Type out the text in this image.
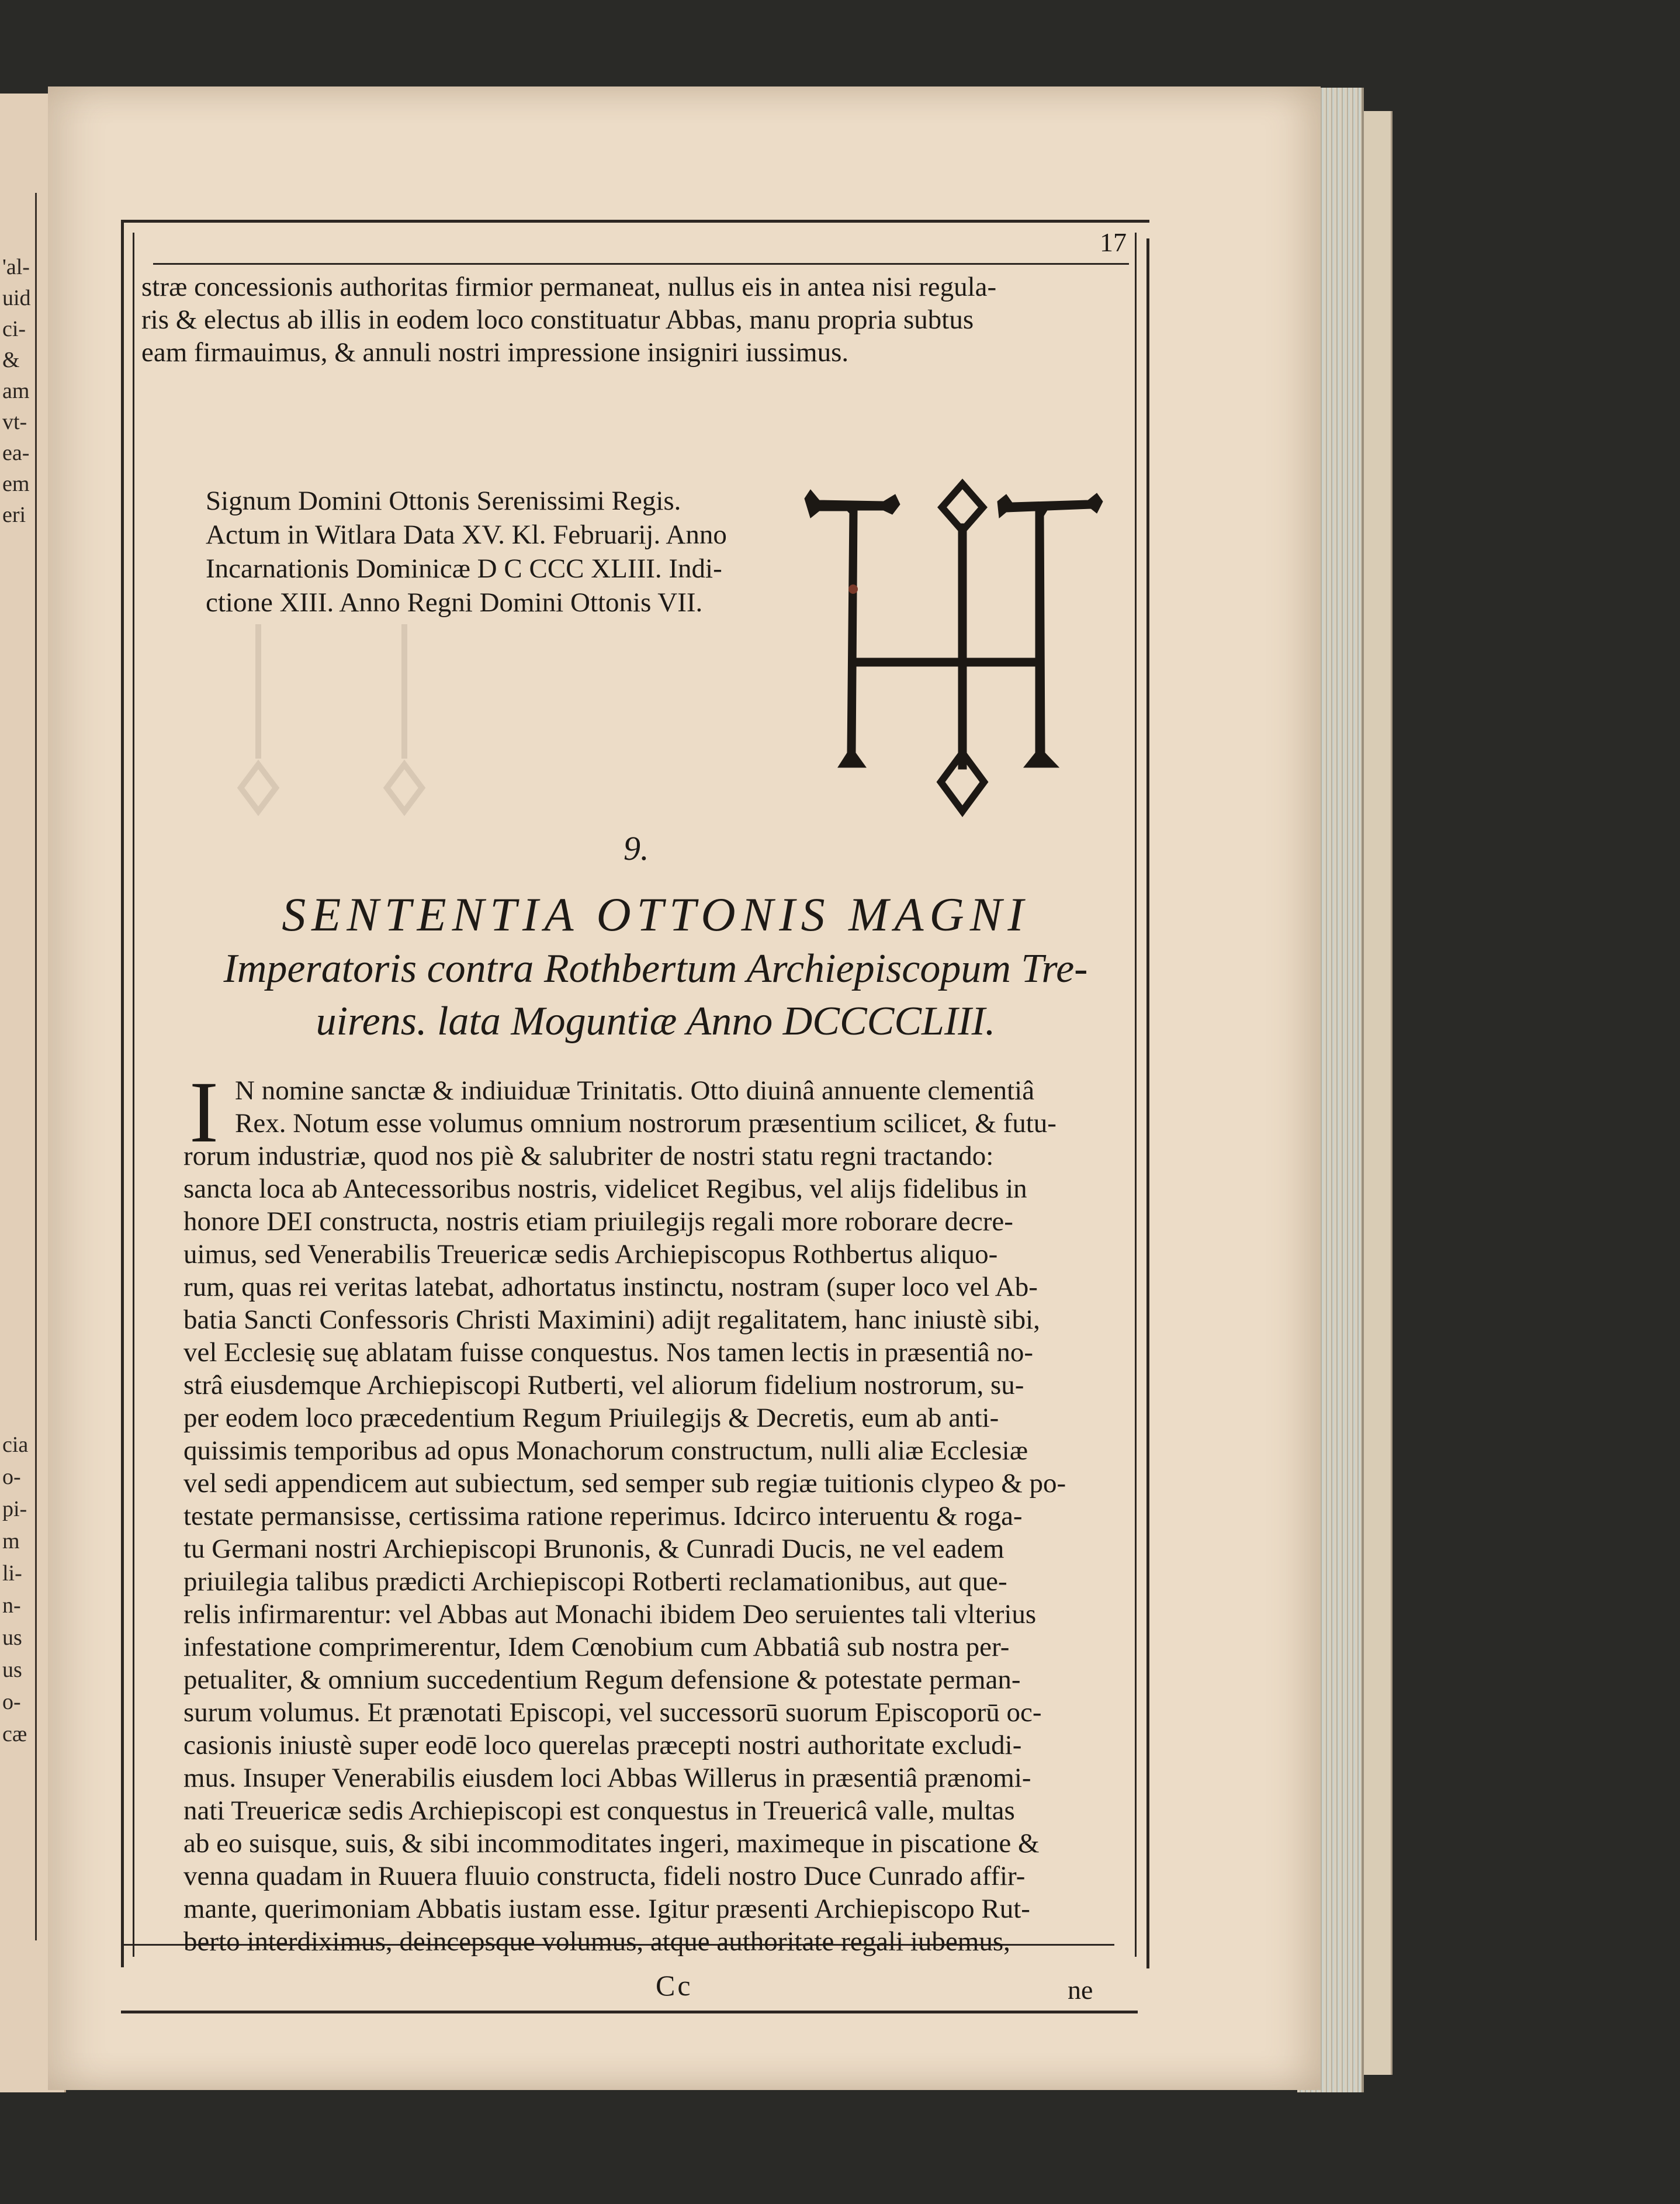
'al-
uid
ci-
&
am
vt-
ea-
em
eri
cia
o-
pi-
m
li-
n-
us
us
o-
cæ
17
stræ concessionis authoritas firmior permaneat, nullus eis in antea nisi regula-
ris & electus ab illis in eodem loco constituatur Abbas, manu propria subtus
eam firmauimus, & annuli nostri impressione insigniri iussimus.
Signum Domini Ottonis Serenissimi Regis.
Actum in Witlara Data XV. Kl. Februarij. Anno
Incarnationis Dominicæ D C CCC XLIII. Indi-
ctione XIII. Anno Regni Domini Ottonis VII.
9.
SENTENTIA OTTONIS MAGNI
Imperatoris contra Rothbertum Archiepiscopum Tre-
uirens. lata Moguntiæ Anno DCCCCLIII.
I N nomine sanctæ & indiuiduæ Trinitatis. Otto diuinâ annuente clementiâ
Rex. Notum esse volumus omnium nostrorum præsentium scilicet, & futu-
rorum industriæ, quod nos piè & salubriter de nostri statu regni tractando:
sancta loca ab Antecessoribus nostris, videlicet Regibus, vel alijs fidelibus in
honore DEI constructa, nostris etiam priuilegijs regali more roborare decre-
uimus, sed Venerabilis Treuericæ sedis Archiepiscopus Rothbertus aliquo-
rum, quas rei veritas latebat, adhortatus instinctu, nostram (super loco vel Ab-
batia Sancti Confessoris Christi Maximini) adijt regalitatem, hanc iniustè sibi,
vel Ecclesię suę ablatam fuisse conquestus. Nos tamen lectis in præsentiâ no-
strâ eiusdemque Archiepiscopi Rutberti, vel aliorum fidelium nostrorum, su-
per eodem loco præcedentium Regum Priuilegijs & Decretis, eum ab anti-
quissimis temporibus ad opus Monachorum constructum, nulli aliæ Ecclesiæ
vel sedi appendicem aut subiectum, sed semper sub regiæ tuitionis clypeo & po-
testate permansisse, certissima ratione reperimus. Idcirco interuentu & roga-
tu Germani nostri Archiepiscopi Brunonis, & Cunradi Ducis, ne vel eadem
priuilegia talibus prædicti Archiepiscopi Rotberti reclamationibus, aut que-
relis infirmarentur: vel Abbas aut Monachi ibidem Deo seruientes tali vlterius
infestatione comprimerentur, Idem Cœnobium cum Abbatiâ sub nostra per-
petualiter, & omnium succedentium Regum defensione & potestate perman-
surum volumus. Et prænotati Episcopi, vel successorū suorum Episcoporū oc-
casionis iniustè super eodē loco querelas præcepti nostri authoritate excludi-
mus. Insuper Venerabilis eiusdem loci Abbas Willerus in præsentiâ prænomi-
nati Treuericæ sedis Archiepiscopi est conquestus in Treuericâ valle, multas
ab eo suisque, suis, & sibi incommoditates ingeri, maximeque in piscatione &
venna quadam in Ruuera fluuio constructa, fideli nostro Duce Cunrado affir-
mante, querimoniam Abbatis iustam esse. Igitur præsenti Archiepiscopo Rut-
berto interdiximus, deincepsque volumus, atque authoritate regali iubemus,
Cc	ne
